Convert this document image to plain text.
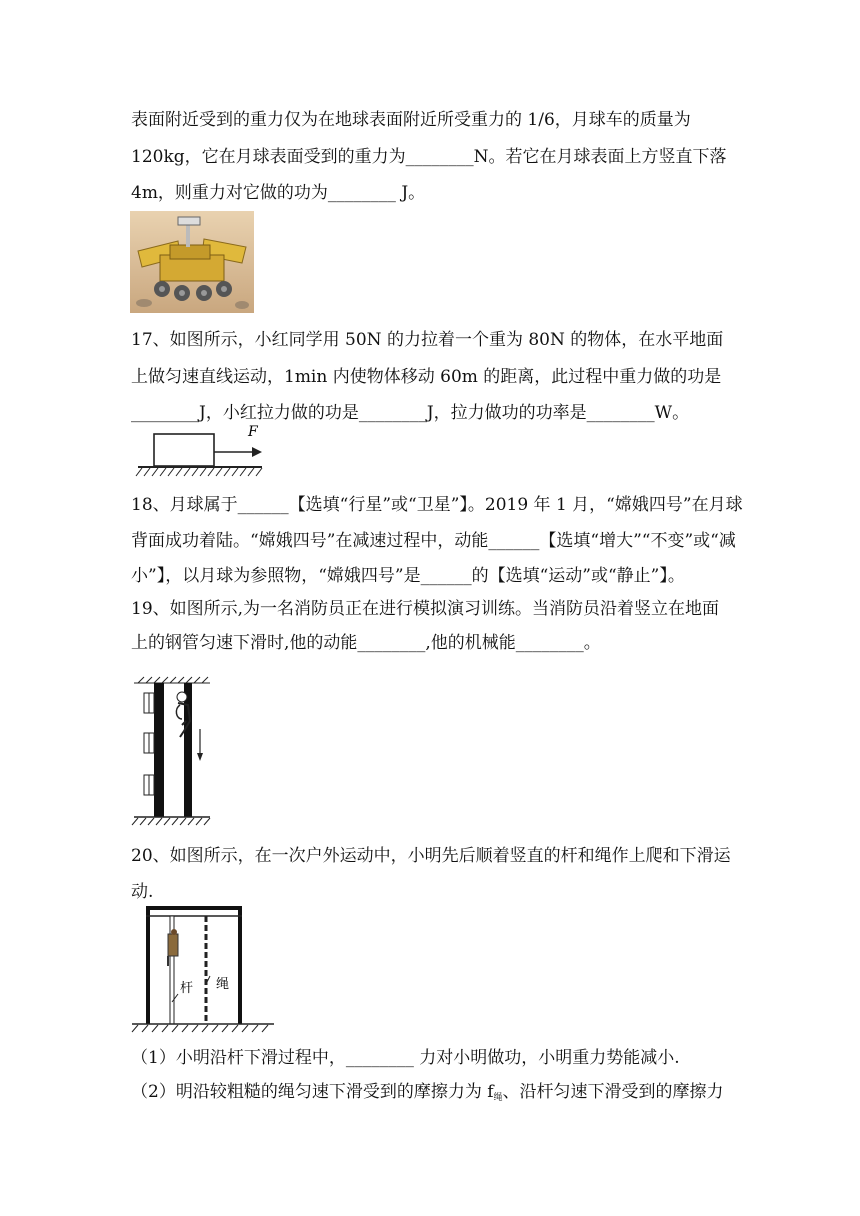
表面附近受到的重力仅为在地球表面附近所受重力的 1/6，月球车的质量为
120kg，它在月球表面受到的重力为________N。若它在月球表面上方竖直下落
4m，则重力对它做的功为________ J。
17、如图所示，小红同学用 50N 的力拉着一个重为 80N 的物体，在水平地面
上做匀速直线运动，1min 内使物体移动 60m 的距离，此过程中重力做的功是
________J，小红拉力做的功是________J，拉力做功的功率是________W。
F
18、月球属于______【选填“行星”或“卫星”】。2019 年 1 月，“嫦娥四号”在月球
背面成功着陆。“嫦娥四号”在减速过程中，动能______【选填“增大”“不变”或“减
小”】，以月球为参照物，“嫦娥四号”是______的【选填“运动”或“静止”】。
19、如图所示,为一名消防员正在进行模拟演习训练。当消防员沿着竖立在地面
上的钢管匀速下滑时,他的动能________,他的机械能________。
20、如图所示，在一次户外运动中，小明先后顺着竖直的杆和绳作上爬和下滑运
动.
杆 绳
（1）小明沿杆下滑过程中，________ 力对小明做功，小明重力势能减小.
（2）明沿较粗糙的绳匀速下滑受到的摩擦力为 $f_绳$、沿杆匀速下滑受到的摩擦力
